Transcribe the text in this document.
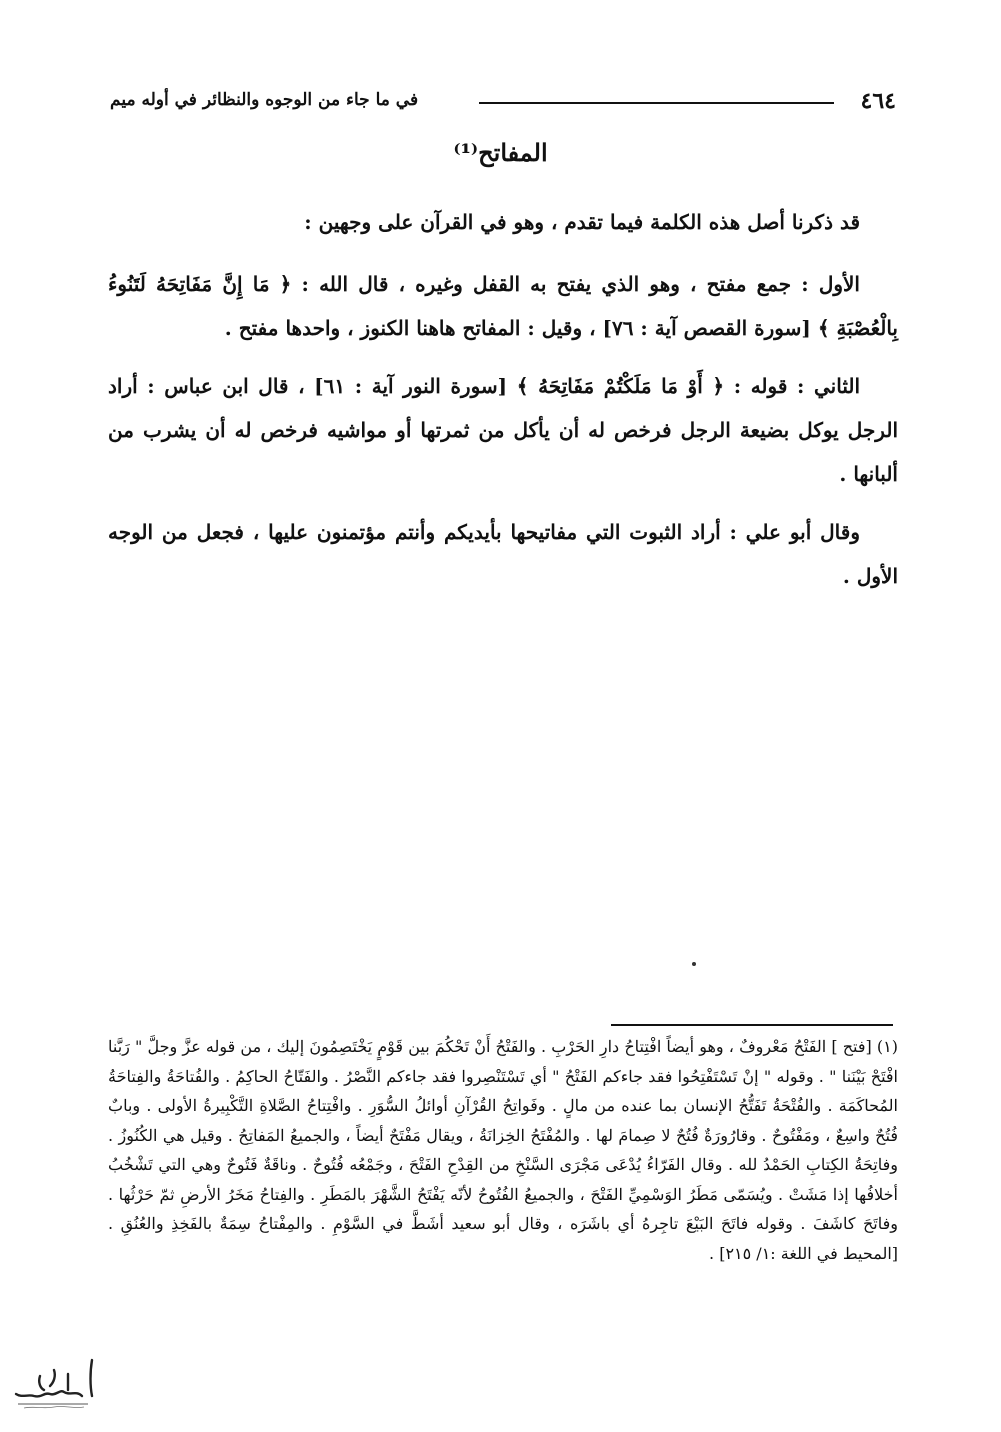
٤٦٤
في ما جاء من الوجوه والنظائر في أوله ميم
المفاتح⁽¹⁾

قد ذكرنا أصل هذه الكلمة فيما تقدم ، وهو في القرآن على وجهين :

الأول : جمع مفتح ، وهو الذي يفتح به القفل وغيره ، قال الله : ﴿ مَا إِنَّ مَفَاتِحَهُ لَتَنُوءُ بِالْعُصْبَةِ ﴾ [سورة القصص آية : ٧٦] ، وقيل : المفاتح هاهنا الكنوز ، واحدها مفتح .

الثاني : قوله : ﴿ أَوْ مَا مَلَكْتُمْ مَفَاتِحَهُ ﴾ [سورة النور آية : ٦١] ، قال ابن عباس : أراد الرجل يوكل بضيعة الرجل فرخص له أن يأكل من ثمرتها أو مواشيه فرخص له أن يشرب من ألبانها .

وقال أبو علي : أراد الثبوت التي مفاتيحها بأيديكم وأنتم مؤتمنون عليها ، فجعل من الوجه الأول .

(١) [فتح ] الفَتْحُ مَعْروفٌ ، وهو أيضاً افْتِتاحُ دارِ الحَرْبِ . والفَتْحُ أَنْ تَحْكُمَ بين قَوْمٍ يَخْتَصِمُونَ إليك ، من قوله عزَّ وجلَّ " رَبَّنا افْتَحْ بَيْنَنا " . وقوله " إنْ تَسْتَفْتِحُوا فقد جاءكم الفَتْحُ " أي تَسْتَنْصِروا فقد جاءكم النَّصْرُ . والفَتّاحُ الحاكِمُ . والفُتاحَةُ والفِتاحَةُ المُحاكَمَة . والفُتْحَةُ تَفَتُّحُ الإنسان بما عنده من مالٍ . وفَواتِحُ القُرْآنِ أوائلُ السُّوَرِ . وافْتِتاحُ الصَّلاةِ التَّكْبِيرةُ الأولى . وبابٌ فُتُحٌ واسِعٌ ، ومَفْتُوحٌ . وقارُورَةٌ فُتُحٌ لا صِمامَ لها . والمُفْتَحُ الخِزانَةُ ، ويقال مَفْتَحٌ أيضاً ، والجميعُ المَفاتِحُ . وقيل هي الكُنُوزُ . وفاتِحَةُ الكِتابِ الحَمْدُ لله . وقال الفَرّاءُ يُدْعَى مَجْرَى السَّنْخِ من القِدْحِ الفَتْحَ ، وجَمْعُه فُتُوحٌ . وناقَةٌ فَتُوحٌ وهي التي تَشْخُبُ أخلافُها إذا مَشَتْ . ويُسَمّى مَطَرُ الوَسْمِيِّ الفَتْحَ ، والجميعُ الفُتُوحُ لأنّه يَفْتَحُ الشَّهْرَ بالمَطَرِ . والفِتاحُ مَخَرُ الأرضِ ثمّ حَرْثُها . وفاتَحَ كاشَفَ . وقوله فاتَحَ البَيْعَ تاجِرهُ أي باشَرَه ، وقال أبو سعيد أشَطَّ في السَّوْمِ . والمِفْتاحُ سِمَةٌ بالفَخِذِ والعُنُقِ . [المحيط في اللغة :١/ ٢١٥] .
